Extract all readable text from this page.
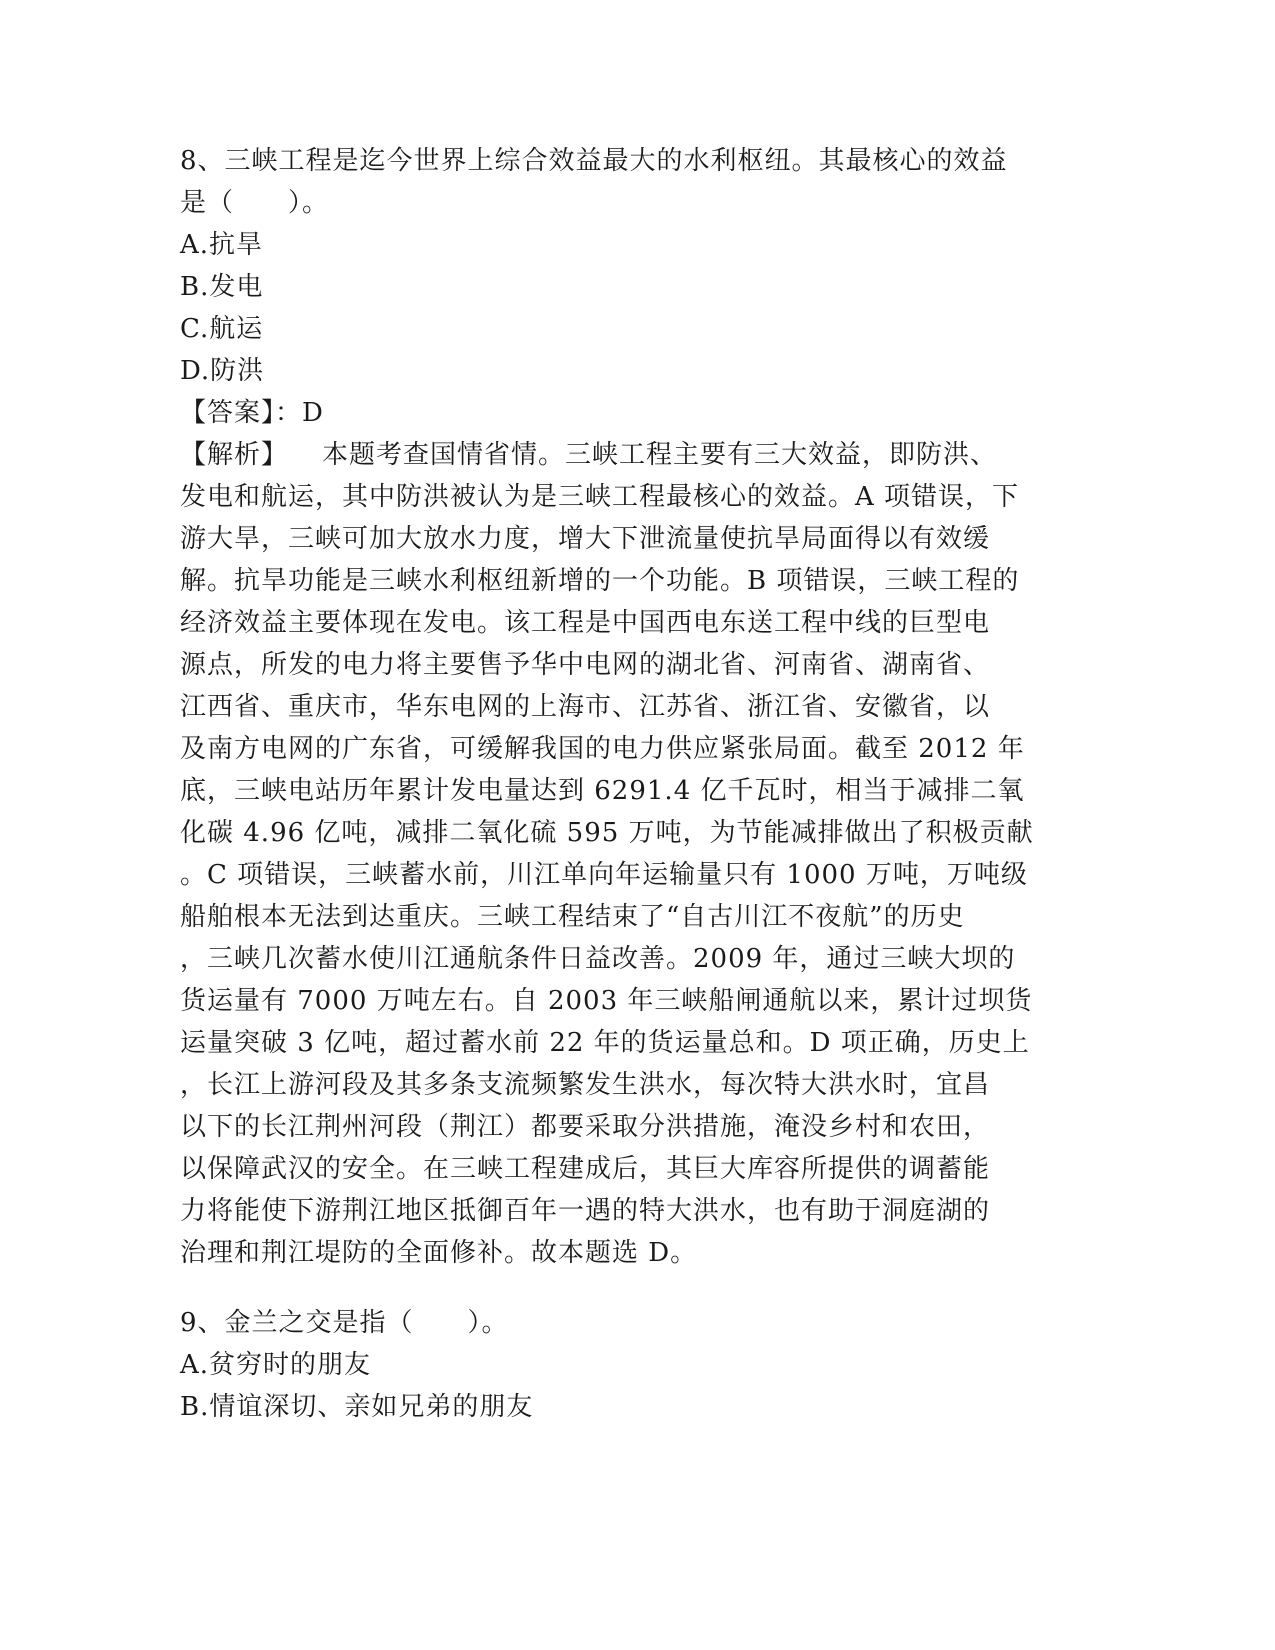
8、三峡工程是迄今世界上综合效益最大的水利枢纽。其最核心的效益

是（　　）。

A.抗旱

B.发电

C.航运

D.防洪

【答案】：D

【解析】 本题考查国情省情。三峡工程主要有三大效益，即防洪、

发电和航运，其中防洪被认为是三峡工程最核心的效益。A 项错误，下

游大旱，三峡可加大放水力度，增大下泄流量使抗旱局面得以有效缓

解。抗旱功能是三峡水利枢纽新增的一个功能。B 项错误，三峡工程的

经济效益主要体现在发电。该工程是中国西电东送工程中线的巨型电

源点，所发的电力将主要售予华中电网的湖北省、河南省、湖南省、

江西省、重庆市，华东电网的上海市、江苏省、浙江省、安徽省，以

及南方电网的广东省，可缓解我国的电力供应紧张局面。截至 2012 年

底，三峡电站历年累计发电量达到 6291.4 亿千瓦时，相当于减排二氧

化碳 4.96 亿吨，减排二氧化硫 595 万吨，为节能减排做出了积极贡献

。C 项错误，三峡蓄水前，川江单向年运输量只有 1000 万吨，万吨级

船舶根本无法到达重庆。三峡工程结束了“自古川江不夜航”的历史

，三峡几次蓄水使川江通航条件日益改善。2009 年，通过三峡大坝的

货运量有 7000 万吨左右。自 2003 年三峡船闸通航以来，累计过坝货

运量突破 3 亿吨，超过蓄水前 22 年的货运量总和。D 项正确，历史上

，长江上游河段及其多条支流频繁发生洪水，每次特大洪水时，宜昌

以下的长江荆州河段（荆江）都要采取分洪措施，淹没乡村和农田，

以保障武汉的安全。在三峡工程建成后，其巨大库容所提供的调蓄能

力将能使下游荆江地区抵御百年一遇的特大洪水，也有助于洞庭湖的

治理和荆江堤防的全面修补。故本题选 D。

9、金兰之交是指（　　）。

A.贫穷时的朋友

B.情谊深切、亲如兄弟的朋友
